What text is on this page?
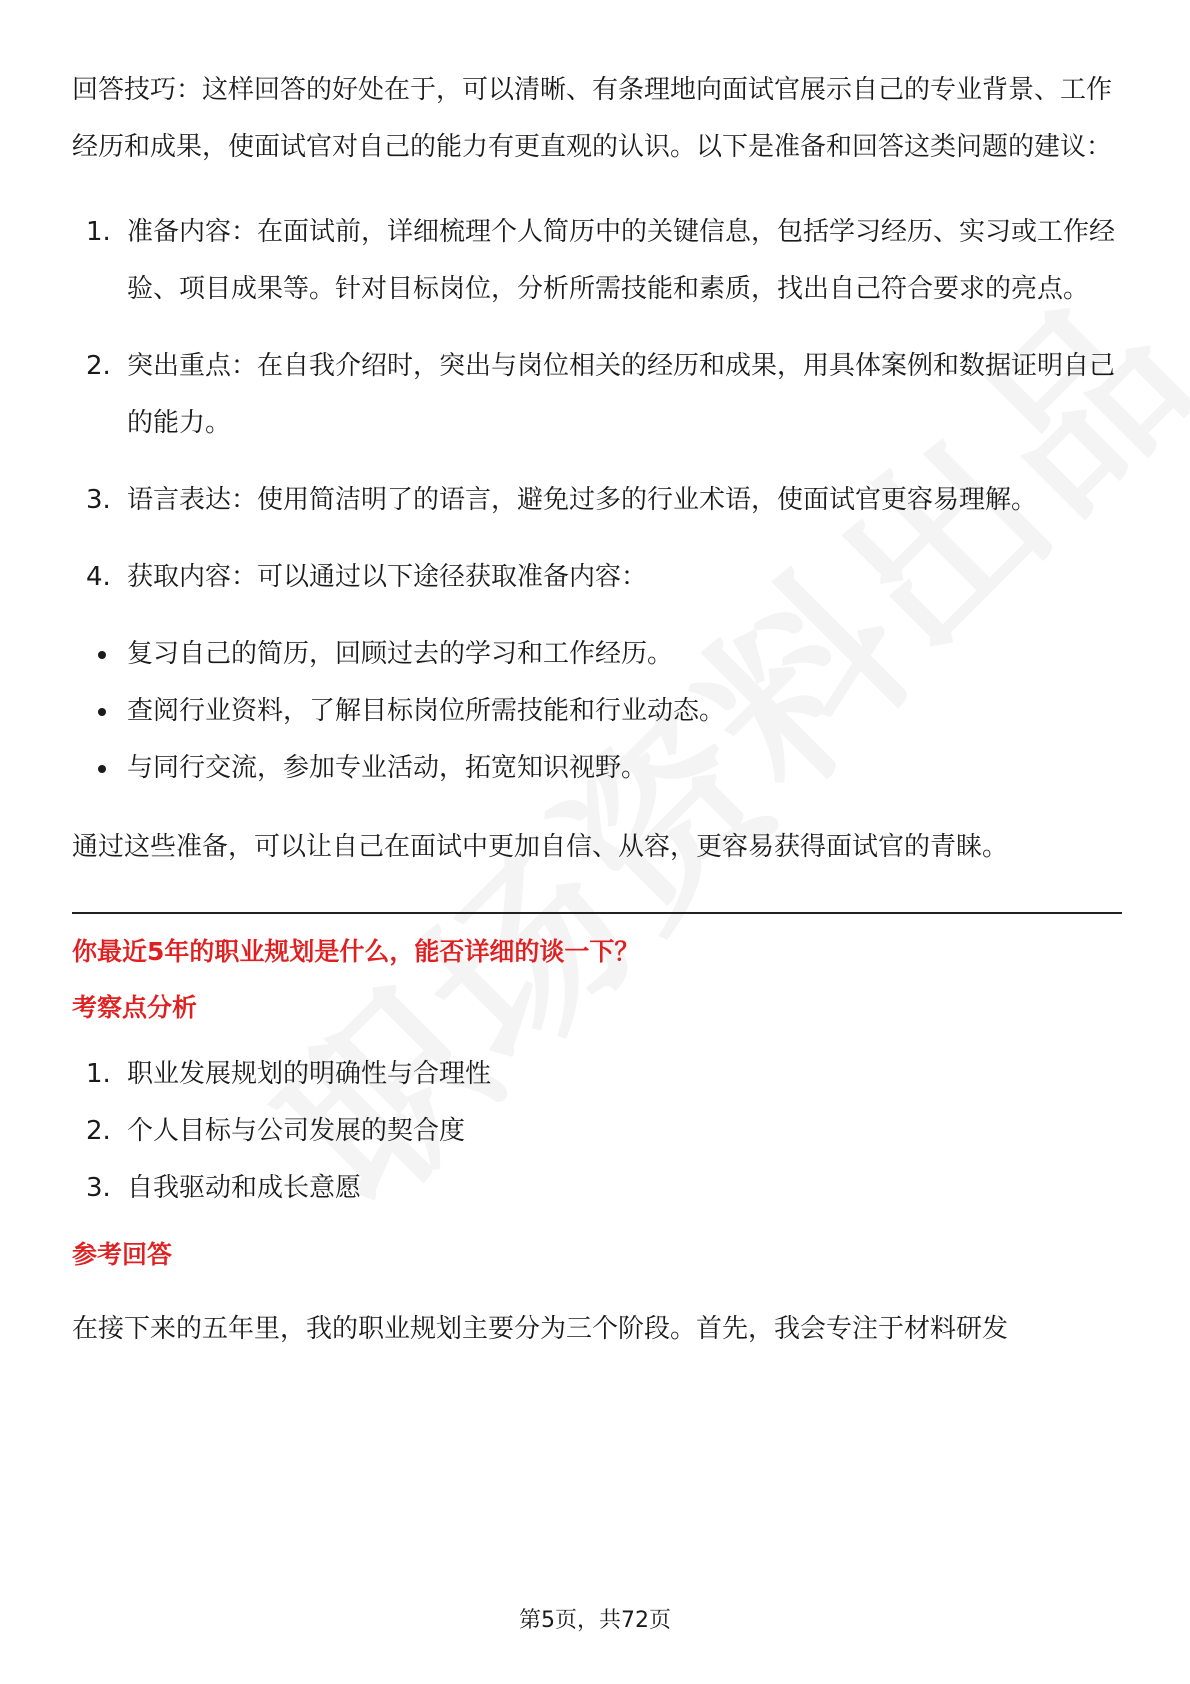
回答技巧：这样回答的好处在于，可以清晰、有条理地向面试官展示自己的专业背景、工作经历和成果，使面试官对自己的能力有更直观的认识。以下是准备和回答这类问题的建议：

1. 准备内容：在面试前，详细梳理个人简历中的关键信息，包括学习经历、实习或工作经验、项目成果等。针对目标岗位，分析所需技能和素质，找出自己符合要求的亮点。
2. 突出重点：在自我介绍时，突出与岗位相关的经历和成果，用具体案例和数据证明自己的能力。
3. 语言表达：使用简洁明了的语言，避免过多的行业术语，使面试官更容易理解。
4. 获取内容：可以通过以下途径获取准备内容：
复习自己的简历，回顾过去的学习和工作经历。
查阅行业资料，了解目标岗位所需技能和行业动态。
与同行交流，参加专业活动，拓宽知识视野。

通过这些准备，可以让自己在面试中更加自信、从容，更容易获得面试官的青睐。

你最近5年的职业规划是什么，能否详细的谈一下？

考察点分析

1. 职业发展规划的明确性与合理性
2. 个人目标与公司发展的契合度
3. 自我驱动和成长意愿

参考回答

在接下来的五年里，我的职业规划主要分为三个阶段。首先，我会专注于材料研发

第5页，共72页
